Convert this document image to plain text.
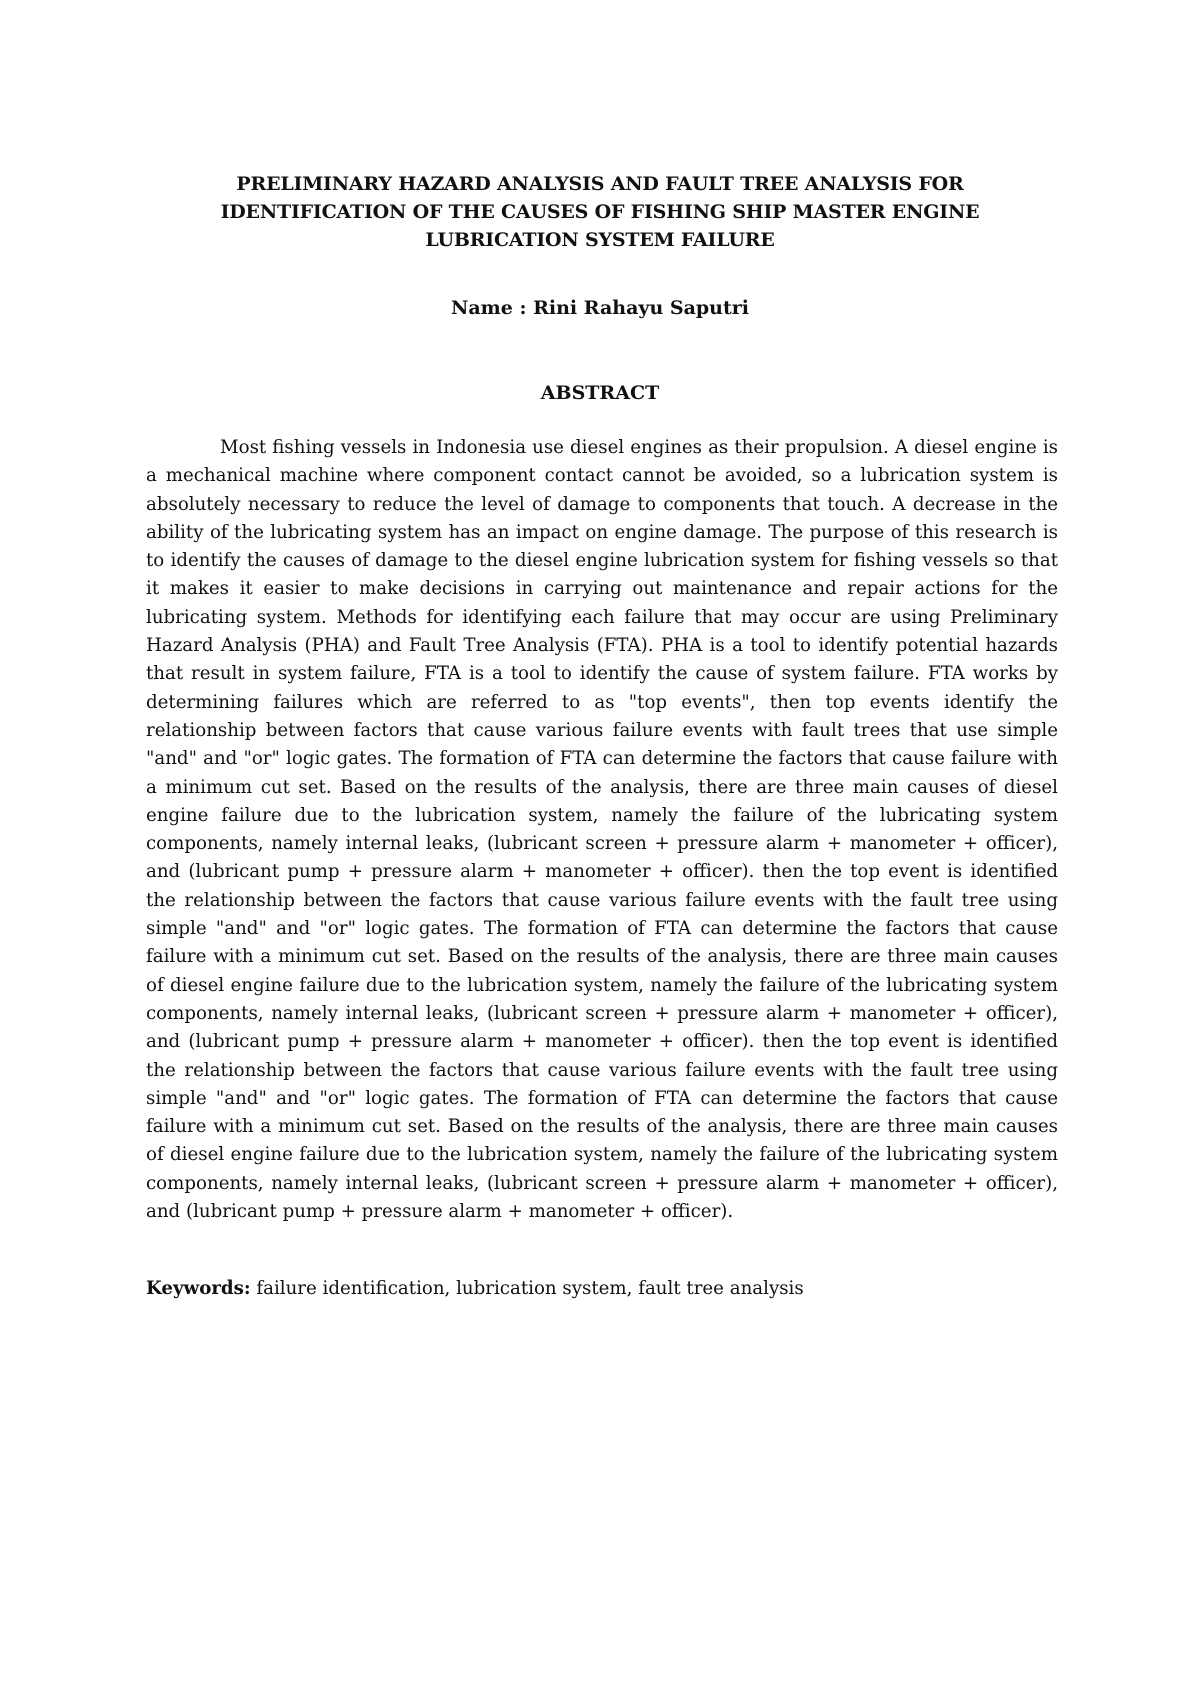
PRELIMINARY HAZARD ANALYSIS AND FAULT TREE ANALYSIS FOR
IDENTIFICATION OF THE CAUSES OF FISHING SHIP MASTER ENGINE
LUBRICATION SYSTEM FAILURE
Name : Rini Rahayu Saputri
ABSTRACT

Most fishing vessels in Indonesia use diesel engines as their propulsion. A diesel engine is a mechanical machine where component contact cannot be avoided, so a lubrication system is absolutely necessary to reduce the level of damage to components that touch. A decrease in the ability of the lubricating system has an impact on engine damage. The purpose of this research is to identify the causes of damage to the diesel engine lubrication system for fishing vessels so that it makes it easier to make decisions in carrying out maintenance and repair actions for the lubricating system. Methods for identifying each failure that may occur are using Preliminary Hazard Analysis (PHA) and Fault Tree Analysis (FTA). PHA is a tool to identify potential hazards that result in system failure, FTA is a tool to identify the cause of system failure. FTA works by determining failures which are referred to as "top events", then top events identify the relationship between factors that cause various failure events with fault trees that use simple "and" and "or" logic gates. The formation of FTA can determine the factors that cause failure with a minimum cut set. Based on the results of the analysis, there are three main causes of diesel engine failure due to the lubrication system, namely the failure of the lubricating system components, namely internal leaks, (lubricant screen + pressure alarm + manometer + officer), and (lubricant pump + pressure alarm + manometer + officer). then the top event is identified the relationship between the factors that cause various failure events with the fault tree using simple "and" and "or" logic gates. The formation of FTA can determine the factors that cause failure with a minimum cut set. Based on the results of the analysis, there are three main causes of diesel engine failure due to the lubrication system, namely the failure of the lubricating system components, namely internal leaks, (lubricant screen + pressure alarm + manometer + officer), and (lubricant pump + pressure alarm + manometer + officer). then the top event is identified the relationship between the factors that cause various failure events with the fault tree using simple "and" and "or" logic gates. The formation of FTA can determine the factors that cause failure with a minimum cut set. Based on the results of the analysis, there are three main causes of diesel engine failure due to the lubrication system, namely the failure of the lubricating system components, namely internal leaks, (lubricant screen + pressure alarm + manometer + officer), and (lubricant pump + pressure alarm + manometer + officer).

Keywords: failure identification, lubrication system, fault tree analysis
